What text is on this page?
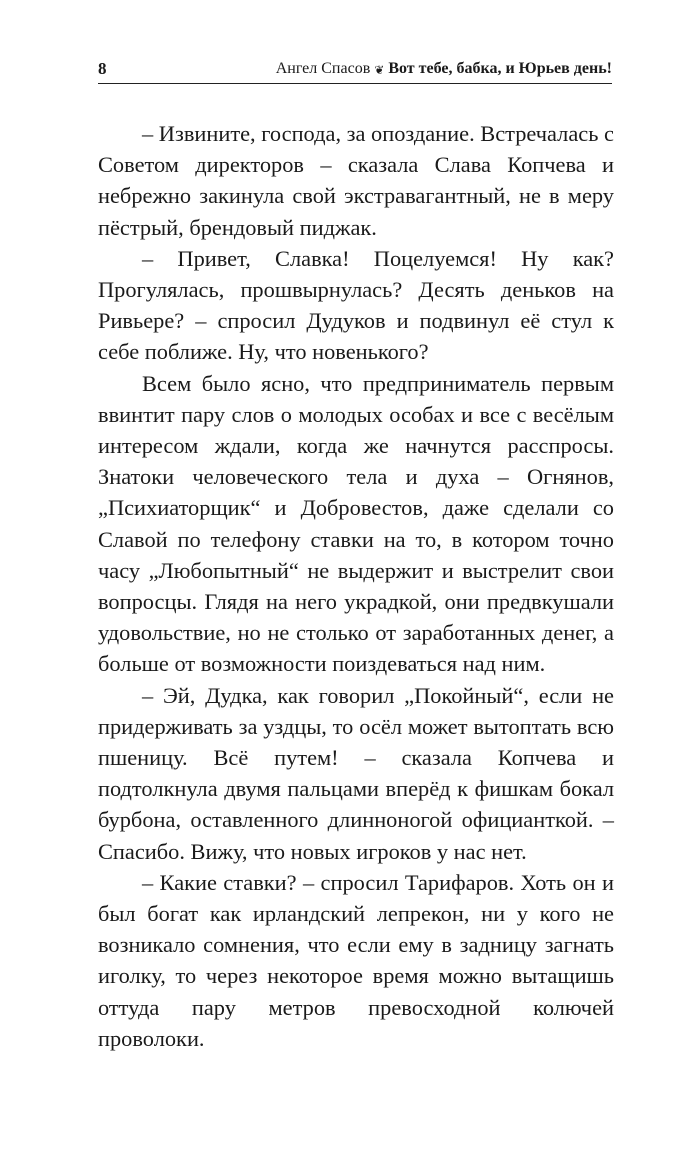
8	Ангел Спасов ❦ Вот тебе, бабка, и Юрьев день!

– Извините, господа, за опоздание. Встречалась с Советом директоров – сказала Слава Копчева и небрежно закинула свой экстравагантный, не в меру пёстрый, брендовый пиджак.

– Привет, Славка! Поцелуемся! Ну как? Прогулялась, прошвырнулась? Десять деньков на Ривьере? – спросил Дудуков и подвинул её стул к себе поближе. Ну, что новенького?

Всем было ясно, что предприниматель первым ввинтит пару слов о молодых особах и все с весёлым интересом ждали, когда же начнутся расспросы. Знатоки человеческого тела и духа – Огнянов, „Психиаторщик“ и Добровестов, даже сделали со Славой по телефону ставки на то, в котором точно часу „Любопытный“ не выдержит и выстрелит свои вопросцы. Глядя на него украдкой, они предвкушали удовольствие, но не столько от заработанных денег, а больше от возможности поиздеваться над ним.

– Эй, Дудка, как говорил „Покойный“, если не придерживать за уздцы, то осёл может вытоптать всю пшеницу. Всё путем! – сказала Копчева и подтолкнула двумя пальцами вперёд к фишкам бокал бурбона, оставленного длинноногой официанткой. – Спасибо. Вижу, что новых игроков у нас нет.

– Какие ставки? – спросил Тарифаров. Хоть он и был богат как ирландский лепрекон, ни у кого не возникало сомнения, что если ему в задницу загнать иголку, то через некоторое время можно вытащишь оттуда пару метров превосходной колючей проволоки.
